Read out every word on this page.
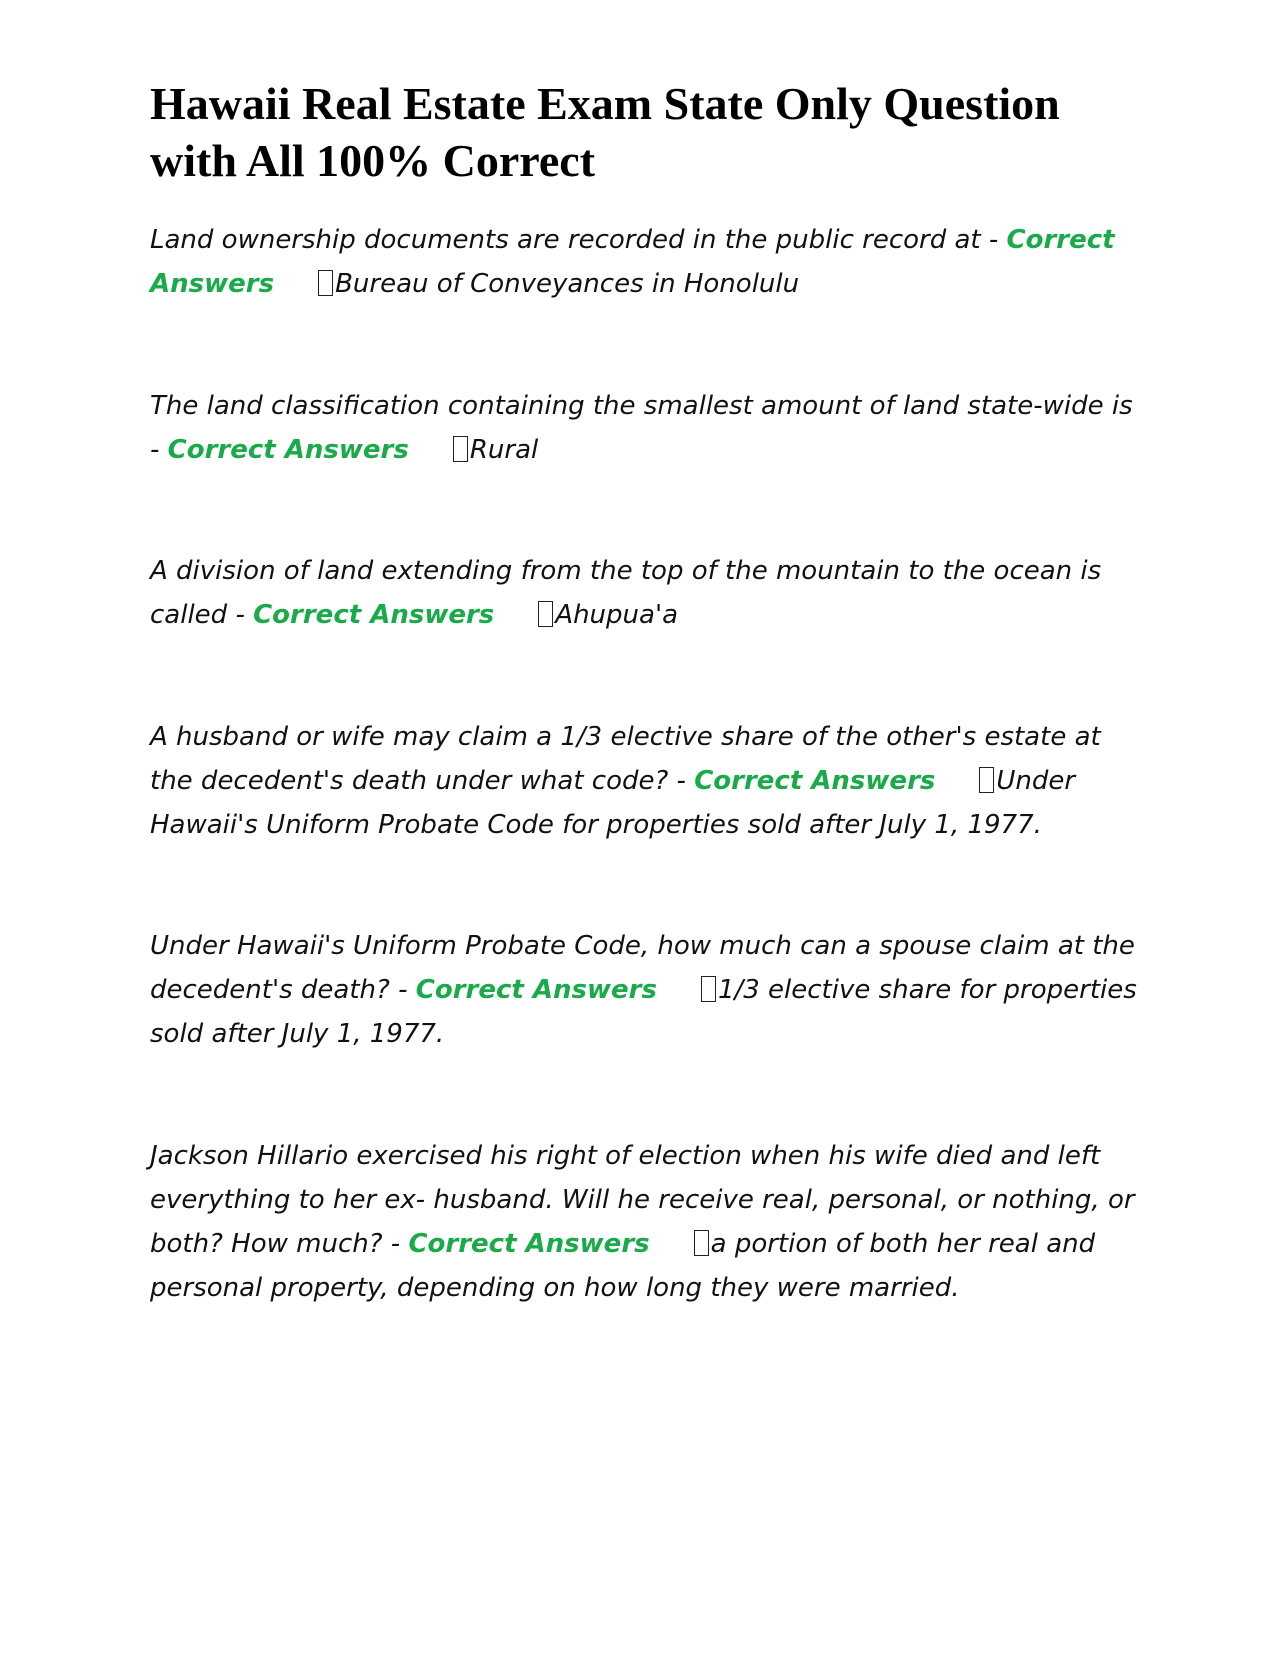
Hawaii Real Estate Exam State Only Question with All 100% Correct

Land ownership documents are recorded in the public record at - Correct Answers Bureau of Conveyances in Honolulu

The land classification containing the smallest amount of land state-wide is - Correct Answers Rural

A division of land extending from the top of the mountain to the ocean is called - Correct Answers Ahupua'a

A husband or wife may claim a 1/3 elective share of the other's estate at the decedent's death under what code? - Correct Answers Under Hawaii's Uniform Probate Code for properties sold after July 1, 1977.

Under Hawaii's Uniform Probate Code, how much can a spouse claim at the decedent's death? - Correct Answers 1/3 elective share for properties sold after July 1, 1977.

Jackson Hillario exercised his right of election when his wife died and left everything to her ex- husband. Will he receive real, personal, or nothing, or both? How much? - Correct Answers a portion of both her real and personal property, depending on how long they were married.
